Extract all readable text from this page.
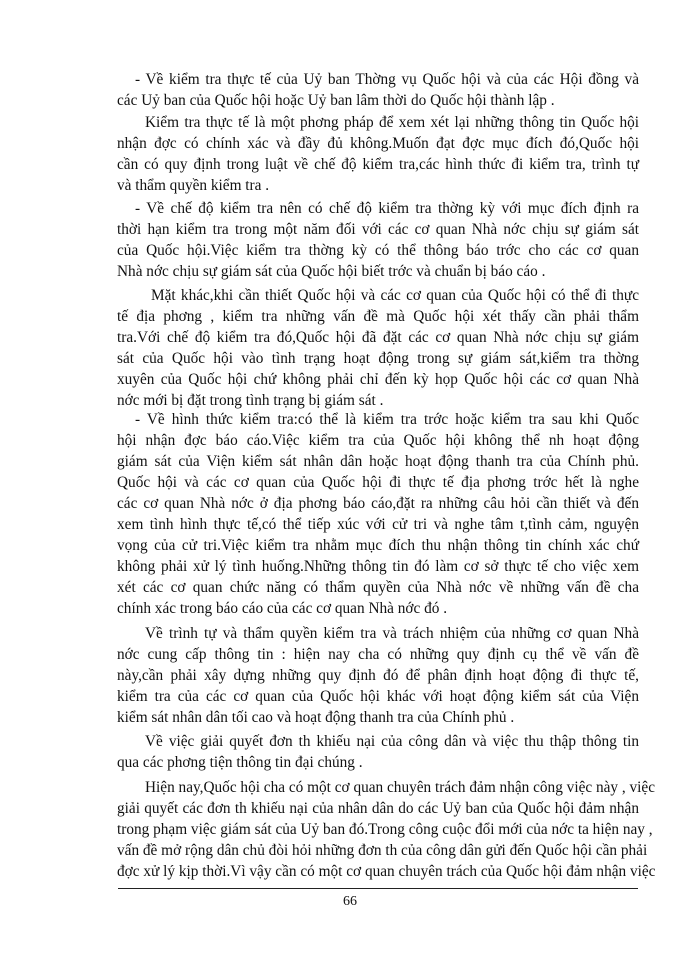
- Về kiểm tra thực tế của Uỷ ban Thờng vụ Quốc hội và của các Hội đồng và
các Uỷ ban của Quốc hội hoặc Uỷ ban lâm thời do Quốc hội thành lập .
Kiểm tra thực tế là một phơng pháp để xem xét lại những thông tin Quốc hội
nhận đợc có chính xác và đầy đủ không.Muốn đạt đợc mục đích đó,Quốc hội
cần có quy định trong luật về chế độ kiểm tra,các hình thức đi kiểm tra, trình tự
và thẩm quyền kiểm tra .
- Về chế độ kiểm tra nên có chế độ kiểm tra thờng kỳ với mục đích định ra
thời hạn kiểm tra trong một năm đối với các cơ quan Nhà nớc chịu sự giám sát
của Quốc hội.Việc kiểm tra thờng kỳ có thể thông báo trớc cho các cơ quan
Nhà nớc chịu sự giám sát của Quốc hội biết trớc và chuẩn bị báo cáo .
Mặt khác,khi cần thiết Quốc hội và các cơ quan của Quốc hội có thể đi thực
tế địa phơng , kiểm tra những vấn đề mà Quốc hội xét thấy cần phải thẩm
tra.Với chế độ kiểm tra đó,Quốc hội đã đặt các cơ quan Nhà nớc chịu sự giám
sát của Quốc hội vào tình trạng hoạt động trong sự giám sát,kiểm tra thờng
xuyên của Quốc hội chứ không phải chỉ đến kỳ họp Quốc hội các cơ quan Nhà
nớc mới bị đặt trong tình trạng bị giám sát .
- Về hình thức kiểm tra:có thể là kiểm tra trớc hoặc kiểm tra sau khi Quốc
hội nhận đợc báo cáo.Việc kiểm tra của Quốc hội không thể nh hoạt động
giám sát của Viện kiểm sát nhân dân hoặc hoạt động thanh tra của Chính phủ.
Quốc hội và các cơ quan của Quốc hội đi thực tế địa phơng trớc hết là nghe
các cơ quan Nhà nớc ở địa phơng báo cáo,đặt ra những câu hỏi cần thiết và đến
xem tình hình thực tế,có thể tiếp xúc với cử tri và nghe tâm t,tình cảm, nguyện
vọng của cử tri.Việc kiểm tra nhằm mục đích thu nhận thông tin chính xác chứ
không phải xử lý tình huống.Những thông tin đó làm cơ sở thực tế cho việc xem
xét các cơ quan chức năng có thẩm quyền của Nhà nớc về những vấn đề cha
chính xác trong báo cáo của các cơ quan Nhà nớc đó .
Về trình tự và thẩm quyền kiểm tra và trách nhiệm của những cơ quan Nhà
nớc cung cấp thông tin : hiện nay cha có những quy định cụ thể về vấn đề
này,cần phải xây dựng những quy định đó để phân định hoạt động đi thực tế,
kiểm tra của các cơ quan của Quốc hội khác với hoạt động kiểm sát của Viện
kiểm sát nhân dân tối cao và hoạt động thanh tra của Chính phủ .
Về việc giải quyết đơn th khiếu nại của công dân và việc thu thập thông tin
qua các phơng tiện thông tin đại chúng .
Hiện nay,Quốc hội cha có một cơ quan chuyên trách đảm nhận công việc này , việc
giải quyết các đơn th khiếu nại của nhân dân do các Uỷ ban của Quốc hội đảm nhận
trong phạm việc giám sát của Uỷ ban đó.Trong công cuộc đổi mới của nớc ta hiện nay ,
vấn đề mở rộng dân chủ đòi hỏi những đơn th của công dân gửi đến Quốc hội cần phải
đợc xử lý kịp thời.Vì vậy cần có một cơ quan chuyên trách của Quốc hội đảm nhận việc
66
